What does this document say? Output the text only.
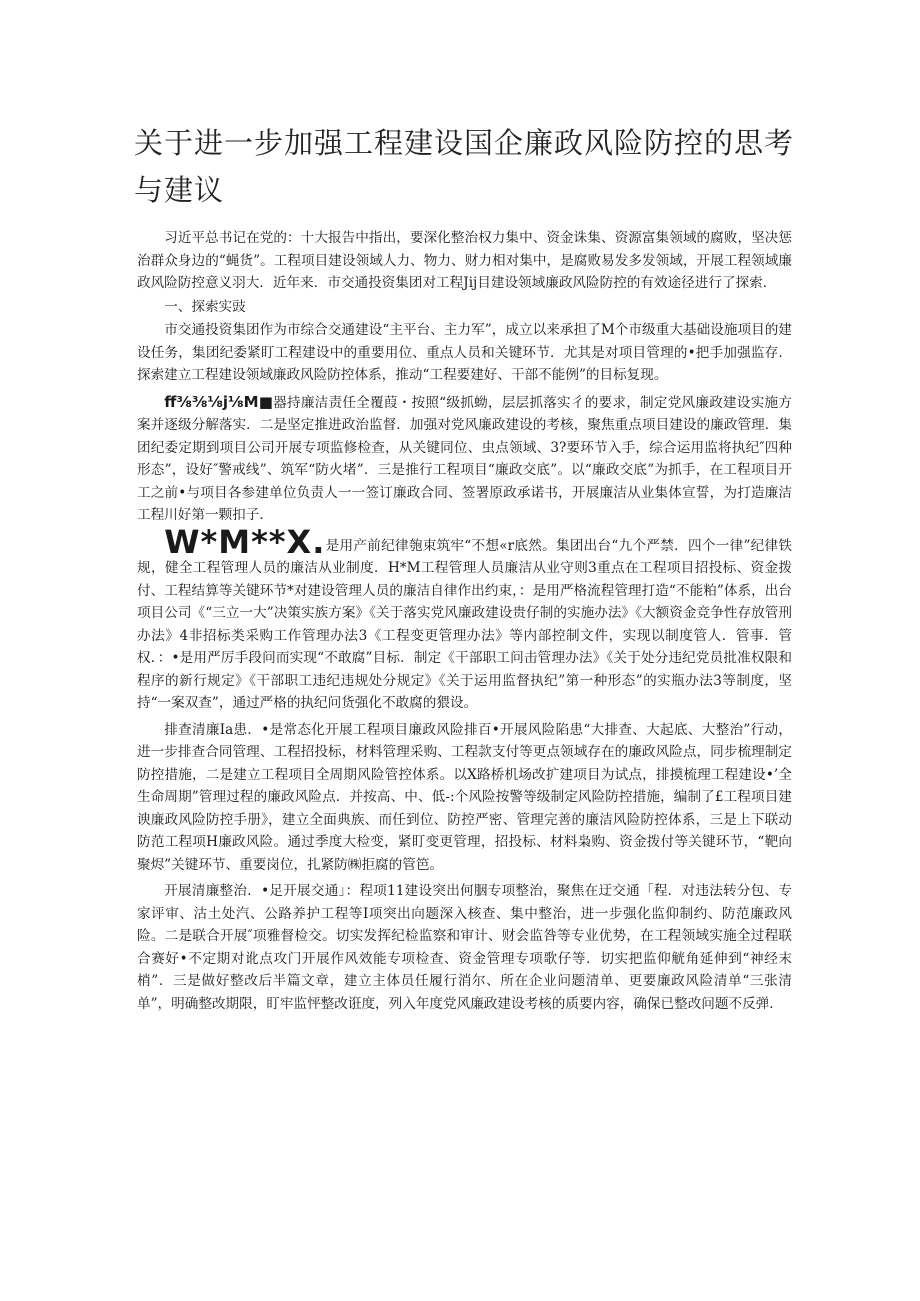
关于进一步加强工程建设国企廉政风险防控的思考与建议

习近平总书记在党的：十大报告中指出，要深化整治权力集中、资金诛集、资源富集领域的腐败，坚决惩治群众身边的“蝇货”。工程项目建设领域人力、物力、财力相对集中，是腐败易发多发领域，开展工程领域廉政风险防控意义羽大．近年来．市交通投资集团对工程Jij目建设领域廉政风险防控的有效途径进行了探索．

一、探索实豉

市交通投资集团作为市综合交通建设“主平台、主力军”，成立以来承担了M个市级重大基础设施项目的建设任务，集团纪委紧盯工程建设中的重要用位、重点人员和关键环节．尤其是对项目管理的•把手加强监存．探索建立工程建设领域廉政风险防控体系，推动“工程要建好、干部不能例”的目标复现。

ff⅜⅜⅛j⅛M■器持廉洁责任全覆葭・按照“级抓蚴，层层抓落实彳的要求，制定党风廉政建设实施方案并逐级分解落实．二是坚定推进政治监督．加强对党风廉政建设的考核，聚焦重点项目建设的廉政管理．集团纪委定期到项目公司开展专项监修检查，从关键同位、虫点领域、3?要环节入手，综合运用监将执纪″四种形态”，设好″警戒线”、筑军“防火堵”．三是推行工程项目“廉政交底”。以“廉政交底”为抓手，在工程项目开工之前•与项目各参建单位负责人一一签订廉政合同、签署原政承诺书，开展廉洁从业集体宣誓，为打造廉洁工程川好第一颗扣子．

W*M**X.是用产前纪律匏束筑牢“不想«r底然。集团出台“九个严禁．四个一律”纪律铁规，健全工程管理人员的廉洁从业制度．H*M工程管理人员廉洁从业守则3重点在工程项目招投标、资金拨付、工程结算等关键环节*对建设管理人员的廉洁自律作出约束，：是用严格流程管理打造“不能粕”体系，出台项目公司《“三立一大”决策实族方案》《关于落实党风廉政建设贵仔制的实施办法》《大额资金竞争性存放管刑办法》4非招标类采购工作管理办法3《工程变更管理办法》等内部控制文件，实现以制度管人．管事．管权．：•是用严厉手段问而实现“不敢腐”目标．制定《干部职工问击管理办法》《关于处分违纪党员批准权限和程序的新行规定》《干部职工违纪违规处分规定》《关于运用监督执纪”第一种形态”的实瓶办法3等制度，坚持“一案双查”，通过严格的执纪问货强化不敢腐的猥设。

排查清廉Ia患．•是常态化开展工程项目廉政风险排百•开展风险陷患“大排查、大起底、大整治”行动，进一步排查合同管理、工程招投标，材料管理采购、工程款支付等更点领域存在的廉政风险点，同步梳理制定防控措施，二是建立工程项目全周期风险管控体系。以X路桥机场改扩建项目为试点，排摸梳理工程建设•’全生命周期”管理过程的廉政风险点．并按高、中、低-:个风险按警等级制定风险防控措施，编制了£工程项目建谀廉政风险防控手册》，建立全面典族、而任到位、防控严密、管理完善的廉洁风险防控体系，三是上下联动防范工程项H廉政风险。通过季度大检变，紧盯变更管理，招投标、材料枭购、资金拨付等关键环节，“靶向聚烬”关键环节、重要岗位，扎紧防㈱拒腐的管笆。

开展清廉整治．•足开展交通」：程项11建设突出何胭专项整治，聚焦在迂交通「程．对违法转分包、专家评审、沽土处汽、公路养护工程等I项突出向题深入核查、集中整治，进一步强化监仰制约、防范廉政风险。二是联合开展″项雅督检交。切实发挥纪检监察和审计、财会监咎等专业优势，在工程领域实施全过程联合赛好•不定期对讹点攻门开展作风效能专项检查、资金管理专项歌仔等．切实把监仰觥角延伸到“神经末梢”．三是做好整改后半篇文章，建立主体员任履行消尔、所在企业问题清单、更要廉政风险清单“三张清单”，明确整改期限，盯牢监怦整改诳度，列入年度党风廉政建设考核的质要内容，确保已整改问题不反弹．
